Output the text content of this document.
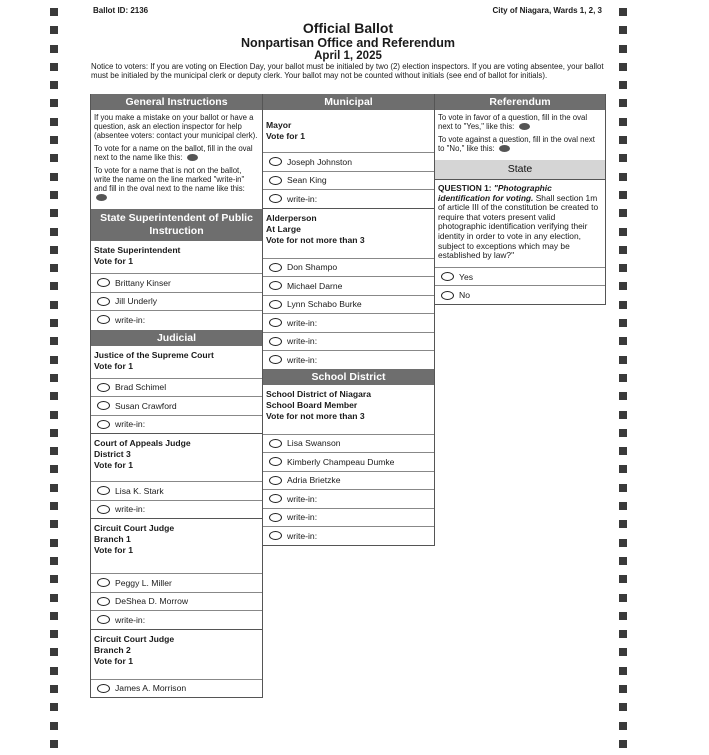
Ballot ID: 2136	City of Niagara, Wards 1, 2, 3
Official Ballot
Nonpartisan Office and Referendum
April 1, 2025
Notice to voters: If you are voting on Election Day, your ballot must be initialed by two (2) election inspectors. If you are voting absentee, your ballot must be initialed by the municipal clerk or deputy clerk. Your ballot may not be counted without initials (see end of ballot for initials).
General Instructions

If you make a mistake on your ballot or have a question, ask an election inspector for help (absentee voters: contact your municipal clerk).

To vote for a name on the ballot, fill in the oval next to the name like this:

To vote for a name that is not on the ballot, write the name on the line marked "write-in" and fill in the oval next to the name like this:

State Superintendent of Public Instruction
State Superintendent
Vote for 1
Brittany Kinser
Jill Underly
write-in:
Judicial
Justice of the Supreme Court
Vote for 1
Brad Schimel
Susan Crawford
write-in:
Court of Appeals Judge
District 3
Vote for 1
Lisa K. Stark
write-in:
Circuit Court Judge
Branch 1
Vote for 1
Peggy L. Miller
DeShea D. Morrow
write-in:
Circuit Court Judge
Branch 2
Vote for 1
James A. Morrison
Municipal
Mayor
Vote for 1
Joseph Johnston
Sean King
write-in:
Alderperson
At Large
Vote for not more than 3
Don Shampo
Michael Darne
Lynn Schabo Burke
write-in:
write-in:
write-in:
School District
School District of Niagara
School Board Member
Vote for not more than 3
Lisa Swanson
Kimberly Champeau Dumke
Adria Brietzke
write-in:
write-in:
write-in:
Referendum

To vote in favor of a question, fill in the oval next to "Yes," like this:

To vote against a question, fill in the oval next to "No," like this:

State
QUESTION 1: "Photographic identification for voting. Shall section 1m of article III of the constitution be created to require that voters present valid photographic identification verifying their identity in order to vote in any election, subject to exceptions which may be established by law?"
Yes
No
